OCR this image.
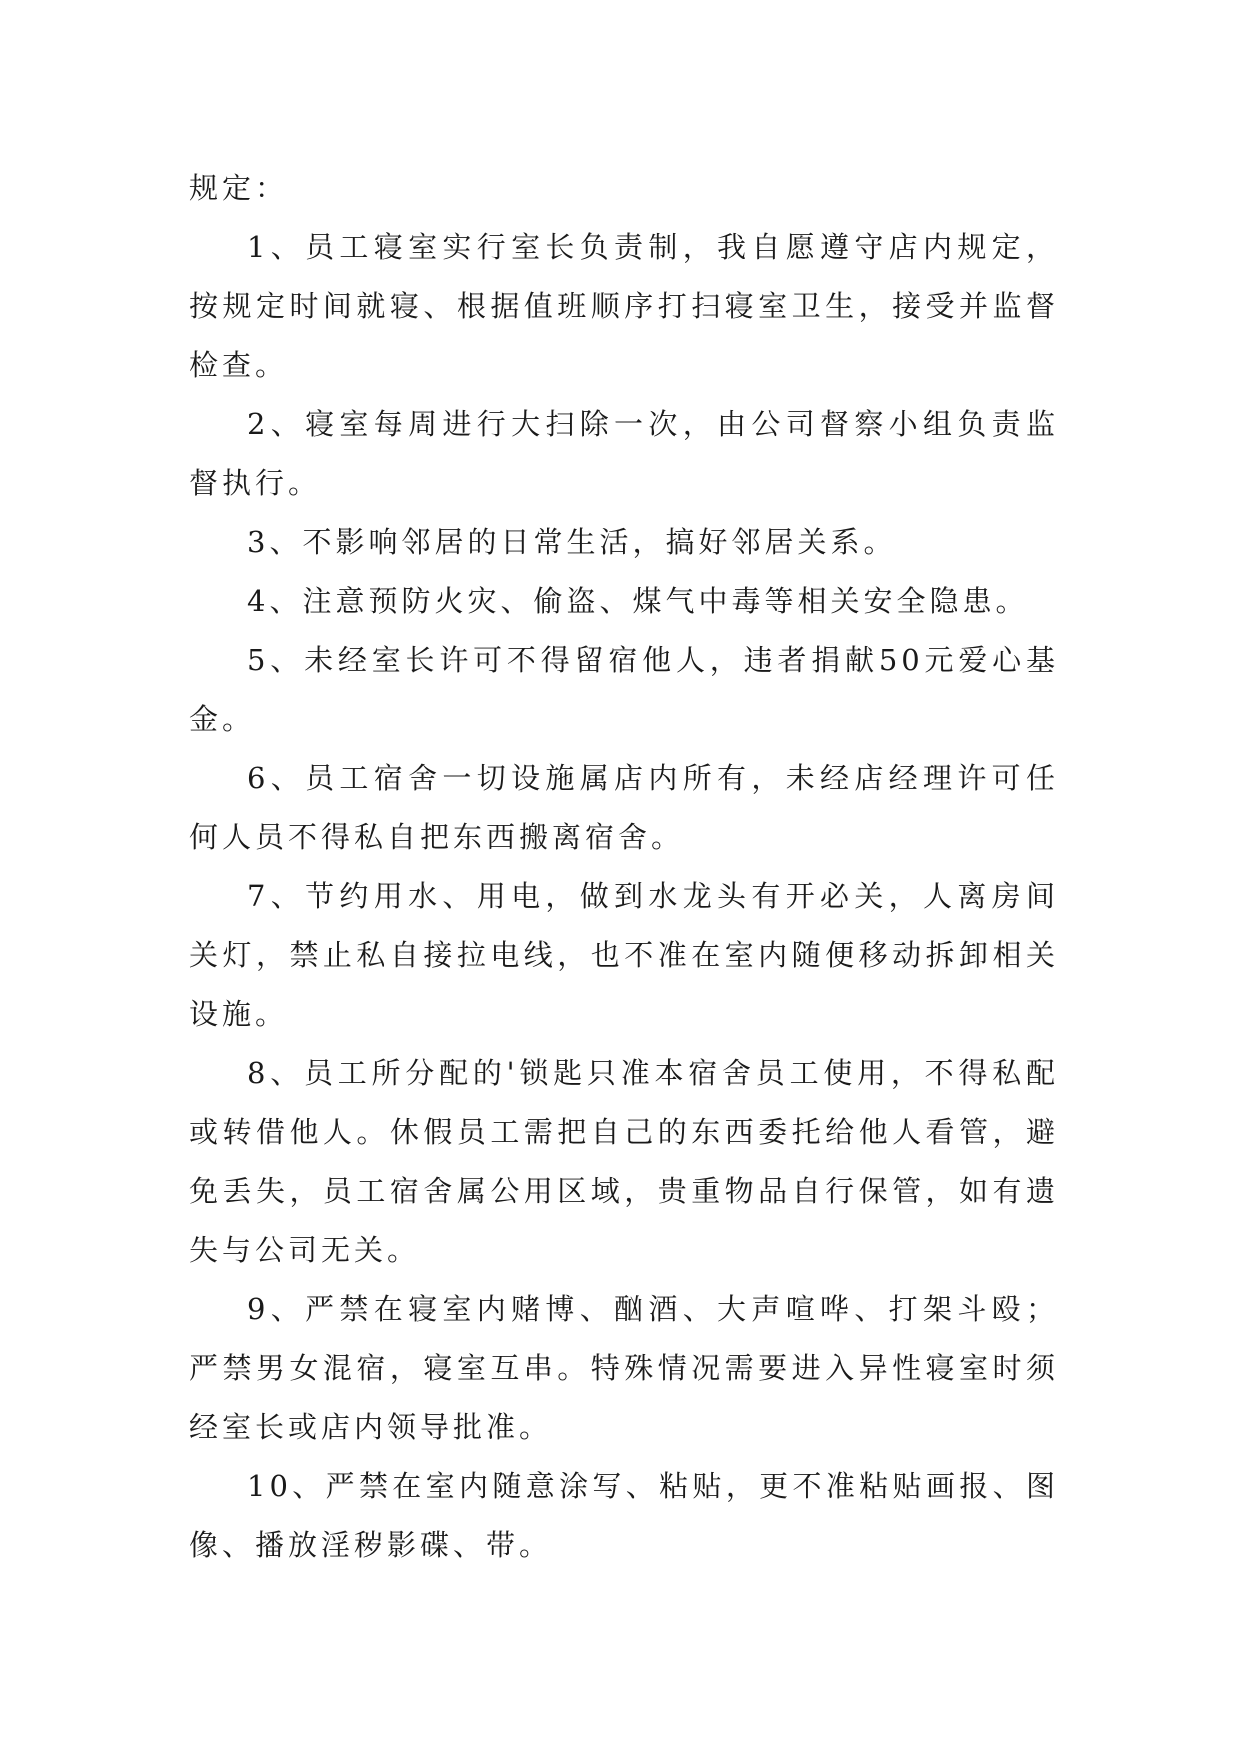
规定：

1、员工寝室实行室长负责制，我自愿遵守店内规定，按规定时间就寝、根据值班顺序打扫寝室卫生，接受并监督检查。

2、寝室每周进行大扫除一次，由公司督察小组负责监督执行。

3、不影响邻居的日常生活，搞好邻居关系。

4、注意预防火灾、偷盗、煤气中毒等相关安全隐患。

5、未经室长许可不得留宿他人，违者捐献50元爱心基金。

6、员工宿舍一切设施属店内所有，未经店经理许可任何人员不得私自把东西搬离宿舍。

7、节约用水、用电，做到水龙头有开必关，人离房间关灯，禁止私自接拉电线，也不准在室内随便移动拆卸相关设施。

8、员工所分配的'锁匙只准本宿舍员工使用，不得私配或转借他人。休假员工需把自己的东西委托给他人看管，避免丢失，员工宿舍属公用区域，贵重物品自行保管，如有遗失与公司无关。

9、严禁在寝室内赌博、酗酒、大声喧哗、打架斗殴；严禁男女混宿，寝室互串。特殊情况需要进入异性寝室时须经室长或店内领导批准。

10、严禁在室内随意涂写、粘贴，更不准粘贴画报、图像、播放淫秽影碟、带。
